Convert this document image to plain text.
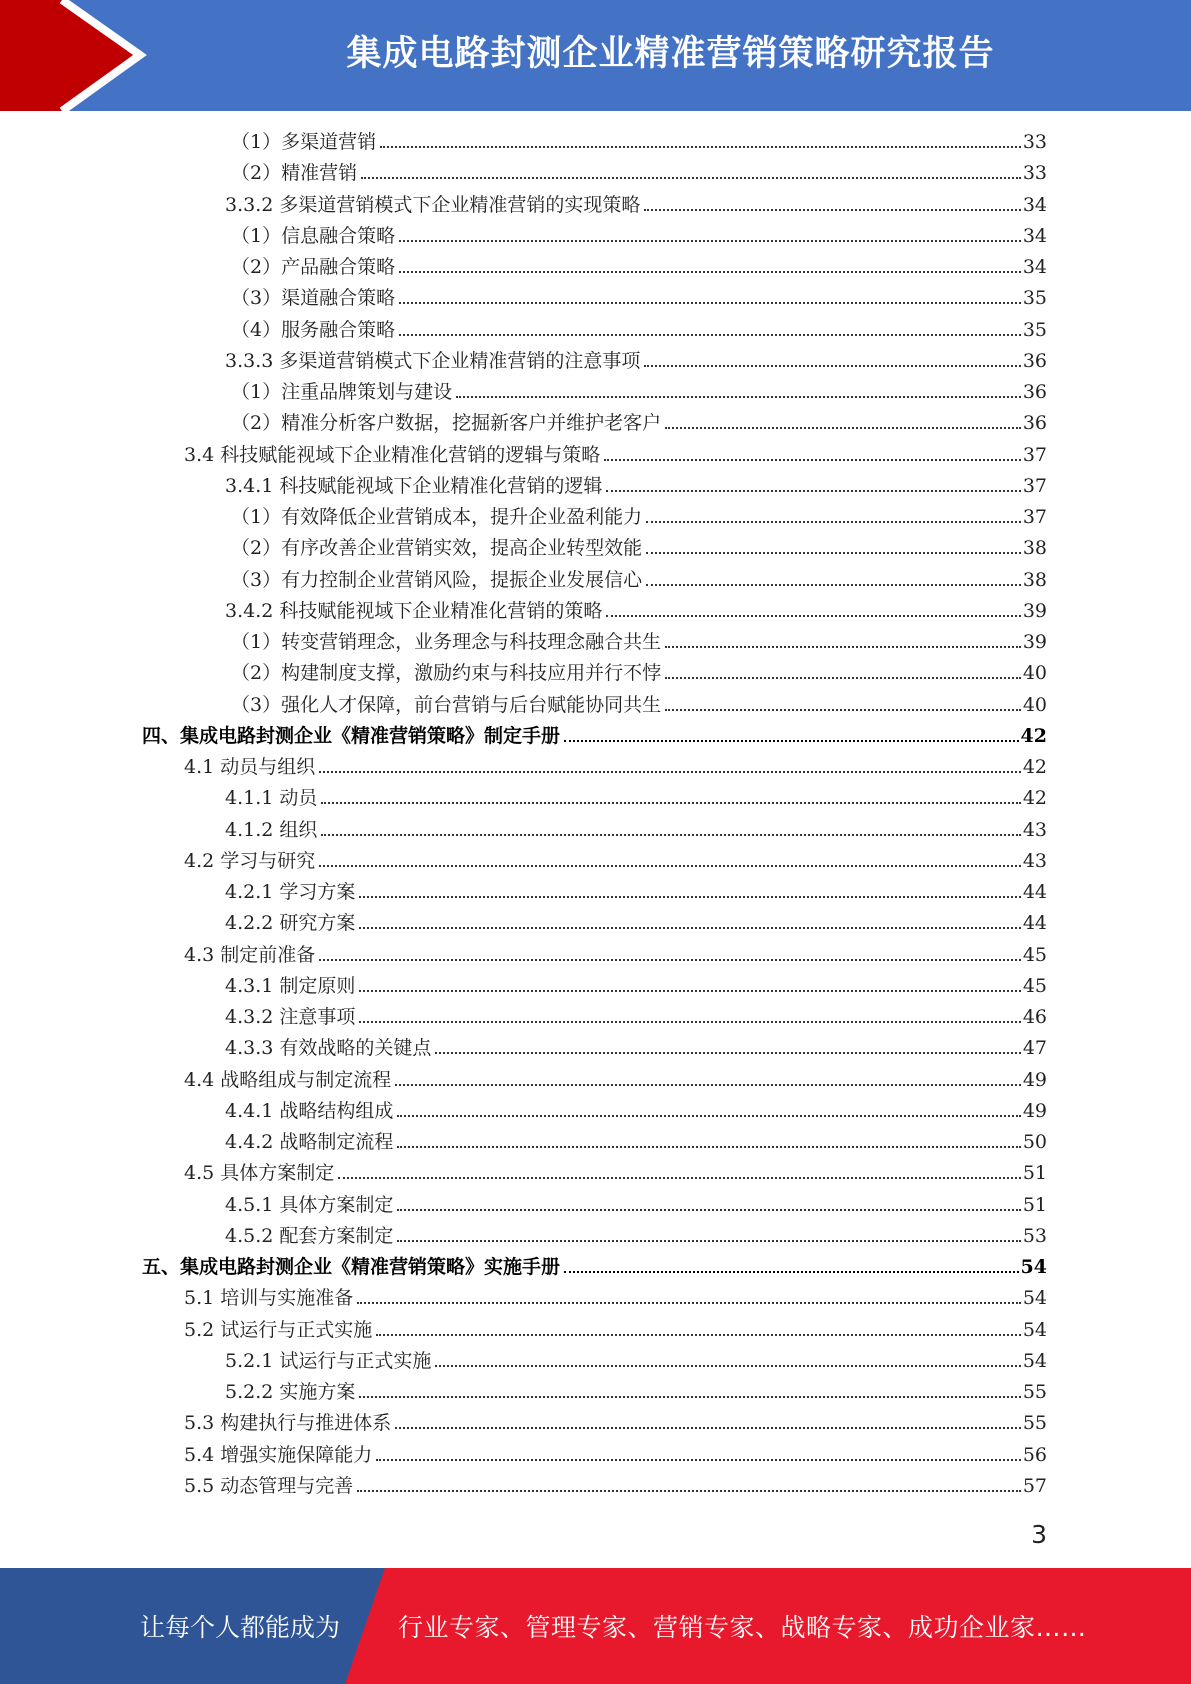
集成电路封测企业精准营销策略研究报告
（1）多渠道营销	33
（2）精准营销	33
3.3.2 多渠道营销模式下企业精准营销的实现策略	34
（1）信息融合策略	34
（2）产品融合策略	34
（3）渠道融合策略	35
（4）服务融合策略	35
3.3.3 多渠道营销模式下企业精准营销的注意事项	36
（1）注重品牌策划与建设	36
（2）精准分析客户数据，挖掘新客户并维护老客户	36
3.4 科技赋能视域下企业精准化营销的逻辑与策略	37
3.4.1 科技赋能视域下企业精准化营销的逻辑	37
（1）有效降低企业营销成本，提升企业盈利能力	37
（2）有序改善企业营销实效，提高企业转型效能	38
（3）有力控制企业营销风险，提振企业发展信心	38
3.4.2 科技赋能视域下企业精准化营销的策略	39
（1）转变营销理念，业务理念与科技理念融合共生	39
（2）构建制度支撑，激励约束与科技应用并行不悖	40
（3）强化人才保障，前台营销与后台赋能协同共生	40
四、集成电路封测企业《精准营销策略》制定手册	42
4.1 动员与组织	42
4.1.1 动员	42
4.1.2 组织	43
4.2 学习与研究	43
4.2.1 学习方案	44
4.2.2 研究方案	44
4.3 制定前准备	45
4.3.1 制定原则	45
4.3.2 注意事项	46
4.3.3 有效战略的关键点	47
4.4 战略组成与制定流程	49
4.4.1 战略结构组成	49
4.4.2 战略制定流程	50
4.5 具体方案制定	51
4.5.1 具体方案制定	51
4.5.2 配套方案制定	53
五、集成电路封测企业《精准营销策略》实施手册	54
5.1 培训与实施准备	54
5.2 试运行与正式实施	54
5.2.1 试运行与正式实施	54
5.2.2 实施方案	55
5.3 构建执行与推进体系	55
5.4 增强实施保障能力	56
5.5 动态管理与完善	57
3
让每个人都能成为 行业专家、管理专家、营销专家、战略专家、成功企业家……
